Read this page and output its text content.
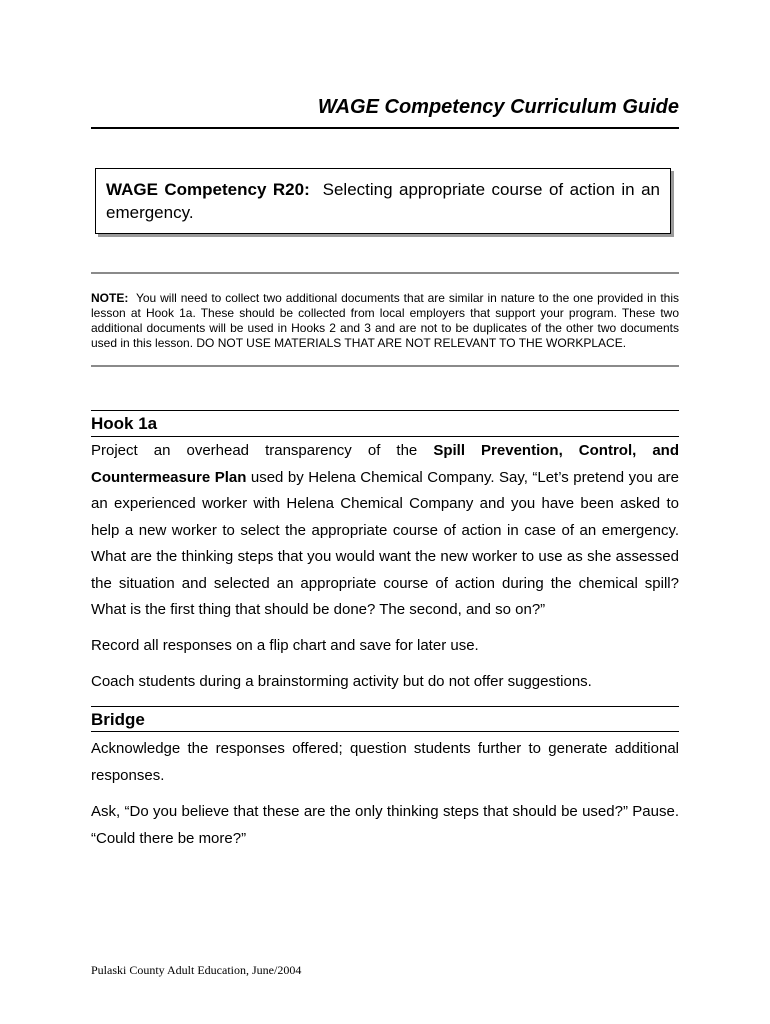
WAGE Competency Curriculum Guide
WAGE Competency R20: Selecting appropriate course of action in an emergency.
NOTE: You will need to collect two additional documents that are similar in nature to the one provided in this lesson at Hook 1a. These should be collected from local employers that support your program. These two additional documents will be used in Hooks 2 and 3 and are not to be duplicates of the other two documents used in this lesson. DO NOT USE MATERIALS THAT ARE NOT RELEVANT TO THE WORKPLACE.
Hook 1a
Project an overhead transparency of the Spill Prevention, Control, and Countermeasure Plan used by Helena Chemical Company. Say, “Let’s pretend you are an experienced worker with Helena Chemical Company and you have been asked to help a new worker to select the appropriate course of action in case of an emergency. What are the thinking steps that you would want the new worker to use as she assessed the situation and selected an appropriate course of action during the chemical spill? What is the first thing that should be done? The second, and so on?”
Record all responses on a flip chart and save for later use.
Coach students during a brainstorming activity but do not offer suggestions.
Bridge
Acknowledge the responses offered; question students further to generate additional responses.
Ask, “Do you believe that these are the only thinking steps that should be used?” Pause. “Could there be more?”
Pulaski County Adult Education, June/2004
